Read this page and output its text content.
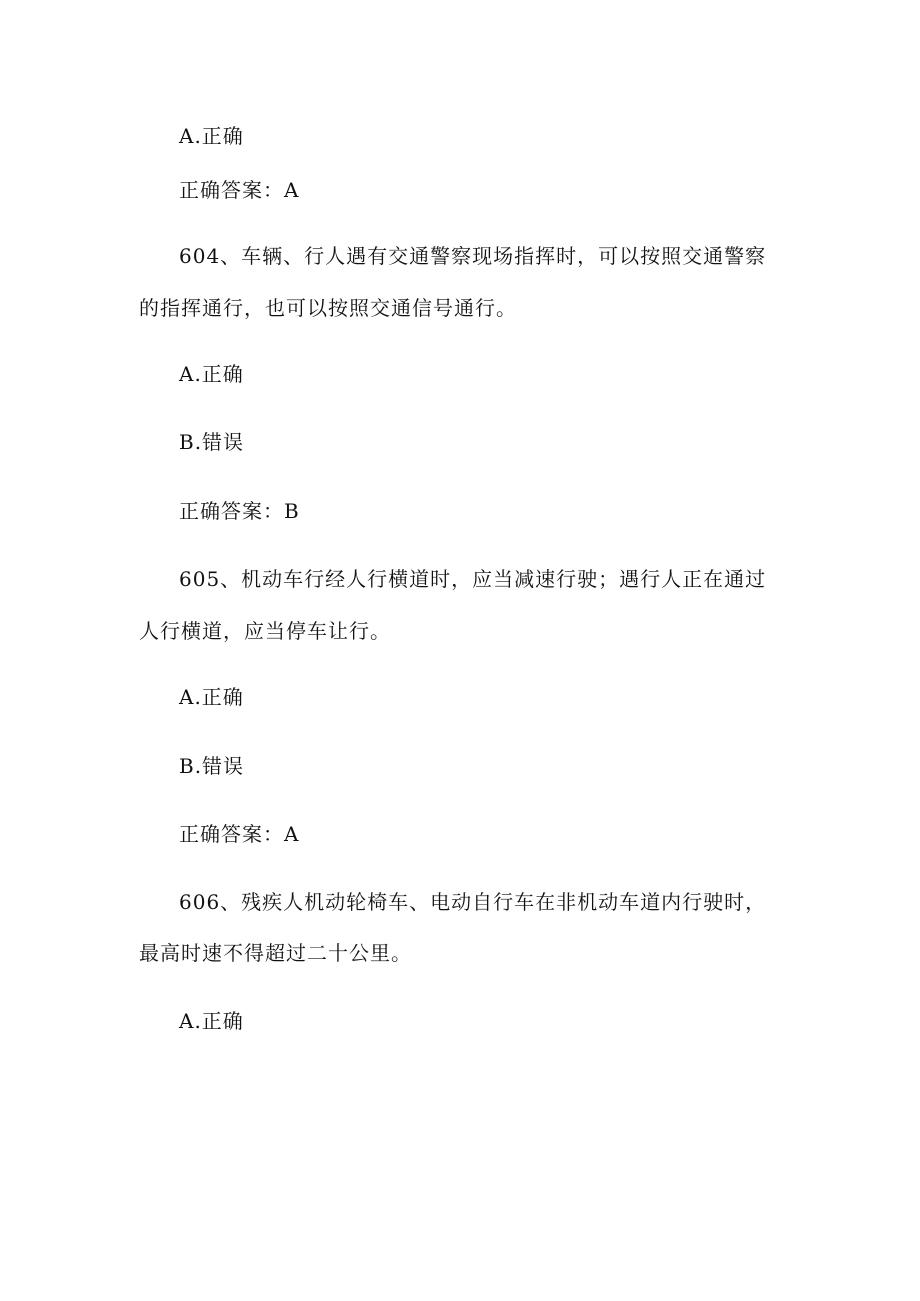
A.正确
正确答案：A
604、车辆、行人遇有交通警察现场指挥时，可以按照交通警察
的指挥通行，也可以按照交通信号通行。
A.正确
B.错误
正确答案：B
605、机动车行经人行横道时，应当减速行驶；遇行人正在通过
人行横道，应当停车让行。
A.正确
B.错误
正确答案：A
606、残疾人机动轮椅车、电动自行车在非机动车道内行驶时，
最高时速不得超过二十公里。
A.正确
